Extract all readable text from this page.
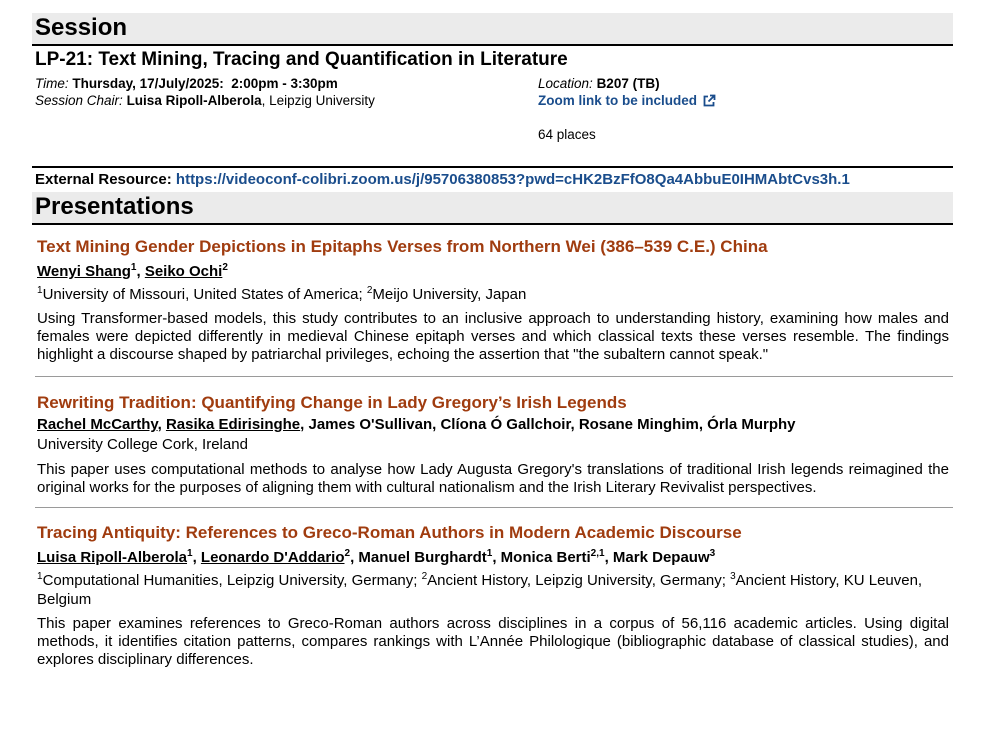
Session
LP-21: Text Mining, Tracing and Quantification in Literature
Time: Thursday, 17/July/2025: 2:00pm - 3:30pm
Session Chair: Luisa Ripoll-Alberola, Leipzig University
Location: B207 (TB)
Zoom link to be included
64 places
External Resource: https://videoconf-colibri.zoom.us/j/95706380853?pwd=cHK2BzFfO8Qa4AbbuE0IHMAbtCvs3h.1
Presentations
Text Mining Gender Depictions in Epitaphs Verses from Northern Wei (386–539 C.E.) China
Wenyi Shang$^1$, Seiko Ochi$^2$
$^1$University of Missouri, United States of America; $^2$Meijo University, Japan
Using Transformer-based models, this study contributes to an inclusive approach to understanding history, examining how males and females were depicted differently in medieval Chinese epitaph verses and which classical texts these verses resemble. The findings highlight a discourse shaped by patriarchal privileges, echoing the assertion that "the subaltern cannot speak."
Rewriting Tradition: Quantifying Change in Lady Gregory’s Irish Legends
Rachel McCarthy, Rasika Edirisinghe, James O'Sullivan, Clíona Ó Gallchoir, Rosane Minghim, Órla Murphy
University College Cork, Ireland
This paper uses computational methods to analyse how Lady Augusta Gregory's translations of traditional Irish legends reimagined the original works for the purposes of aligning them with cultural nationalism and the Irish Literary Revivalist perspectives.
Tracing Antiquity: References to Greco-Roman Authors in Modern Academic Discourse
Luisa Ripoll-Alberola$^1$, Leonardo D'Addario$^2$, Manuel Burghardt$^1$, Monica Berti$^{2,1}$, Mark Depauw$^3$
$^1$Computational Humanities, Leipzig University, Germany; $^2$Ancient History, Leipzig University, Germany; $^3$Ancient History, KU Leuven, Belgium
This paper examines references to Greco-Roman authors across disciplines in a corpus of 56,116 academic articles. Using digital methods, it identifies citation patterns, compares rankings with L’Année Philologique (bibliographic database of classical studies), and explores disciplinary differences.
